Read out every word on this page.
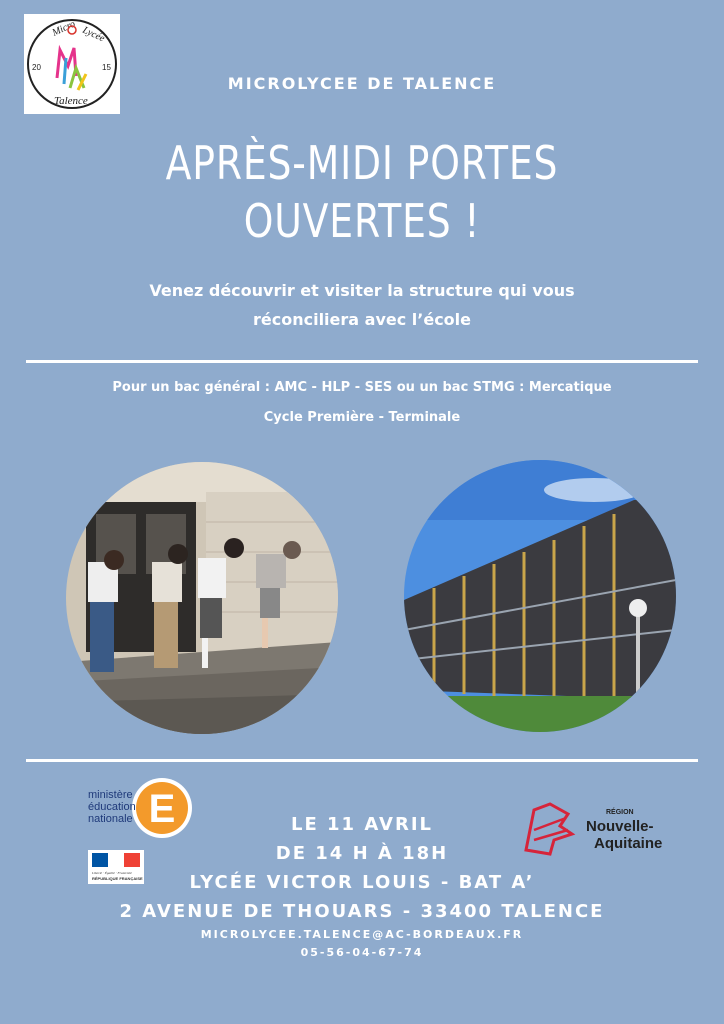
Micro Lycée
20	15
Talence
MICROLYCEE DE TALENCE
APRÈS-MIDI PORTES
OUVERTES !
Venez découvrir et visiter la structure qui vous
réconciliera avec l’école
Pour un bac général : AMC - HLP - SES ou un bac STMG : Mercatique
Cycle Première - Terminale
E
ministère
éducation
nationale
Liberté · Égalité · Fraternité
RÉPUBLIQUE FRANÇAISE
RÉGION
Nouvelle-
Aquitaine
LE 11 AVRIL
DE 14 H À 18H
LYCÉE VICTOR LOUIS - BAT A’
2 AVENUE DE THOUARS - 33400 TALENCE
MICROLYCEE.TALENCE@AC-BORDEAUX.FR
05-56-04-67-74
